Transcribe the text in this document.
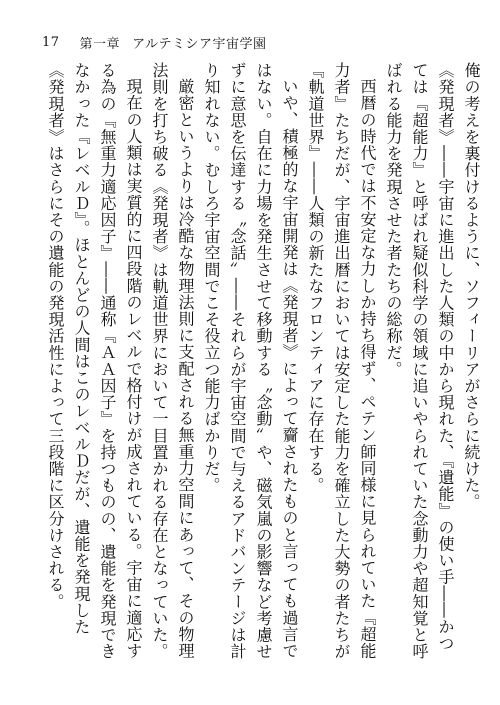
17 第一章 アルテミシア宇宙学園

俺の考えを裏付けるように、ソフィーリアがさらに続けた。

《発現者》――宇宙に進出した人類の中から現れた、『遺能』の使い手――かつては『超能力』と呼ばれ疑似科学の領域に追いやられていた念動力や超知覚と呼ばれる能力を発現させた者たちの総称だ。

西暦の時代では不安定な力しか持ち得ず、ペテン師同様に見られていた『超能力者』たちだが、宇宙進出暦においては安定した能力を確立した大勢の者たちが『軌道世界』――人類の新たなフロンティアに存在する。

いや、積極的な宇宙開発は《発現者》によって齎されたものと言っても過言ではない。自在に力場を発生させて移動する〝念動〟や、磁気嵐の影響など考慮せずに意思を伝達する〝念話〟――それらが宇宙空間で与えるアドバンテージは計り知れない。むしろ宇宙空間でこそ役立つ能力ばかりだ。

厳密というよりは冷酷な物理法則に支配される無重力空間にあって、その物理法則を打ち破る《発現者》は軌道世界において一目置かれる存在となっていた。

現在の人類は実質的に四段階のレベルで格付けが成されている。宇宙に適応する為の『無重力適応因子』――通称『ＡＡ因子』を持つものの、遺能を発現できなかった『レベルＤ』。ほとんどの人間はこのレベルＤだが、遺能を発現した《発現者》はさらにその遺能の発現活性によって三段階に区分けされる。
